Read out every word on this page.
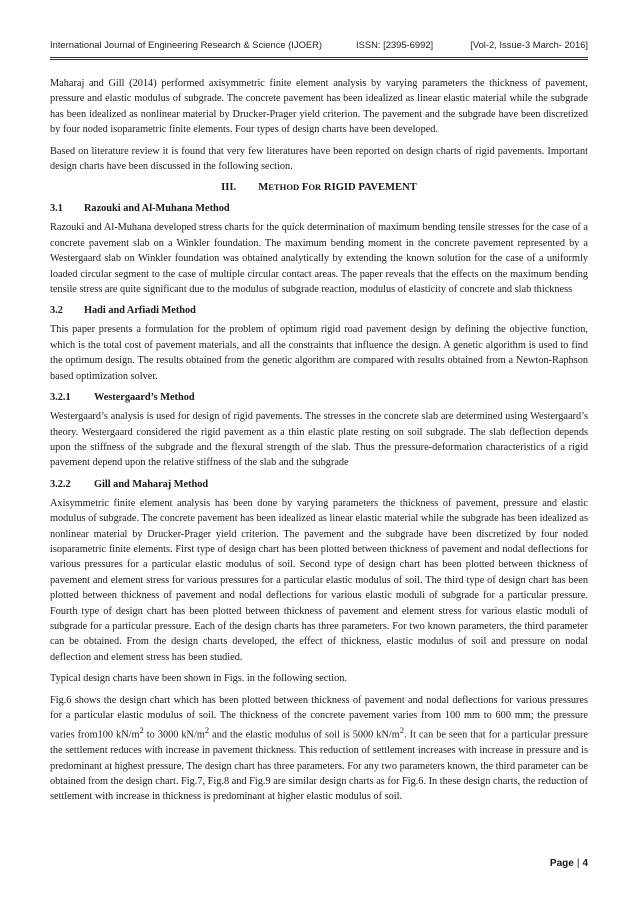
International Journal of Engineering Research & Science (IJOER)	ISSN: [2395-6992]	[Vol-2, Issue-3 March- 2016]

Maharaj and Gill (2014) performed axisymmetric finite element analysis by varying parameters the thickness of pavement, pressure and elastic modulus of subgrade. The concrete pavement has been idealized as linear elastic material while the subgrade has been idealized as nonlinear material by Drucker-Prager yield criterion. The pavement and the subgrade have been discretized by four noded isoparametric finite elements. Four types of design charts have been developed.

Based on literature review it is found that very few literatures have been reported on design charts of rigid pavements. Important design charts have been discussed in the following section.

III. METHOD FOR RIGID PAVEMENT
3.1 Razouki and Al-Muhana Method

Razouki and Al-Muhana developed stress charts for the quick determination of maximum bending tensile stresses for the case of a concrete pavement slab on a Winkler foundation. The maximum bending moment in the concrete pavement represented by a Westergaard slab on Winkler foundation was obtained analytically by extending the known solution for the case of a uniformly loaded circular segment to the case of multiple circular contact areas. The paper reveals that the effects on the maximum bending tensile stress are quite significant due to the modulus of subgrade reaction, modulus of elasticity of concrete and slab thickness

3.2 Hadi and Arfiadi Method

This paper presents a formulation for the problem of optimum rigid road pavement design by defining the objective function, which is the total cost of pavement materials, and all the constraints that influence the design. A genetic algorithm is used to find the optimum design. The results obtained from the genetic algorithm are compared with results obtained from a Newton-Raphson based optimization solver.

3.2.1 Westergaard’s Method

Westergaard’s analysis is used for design of rigid pavements. The stresses in the concrete slab are determined using Westergaard’s theory. Westergaard considered the rigid pavement as a thin elastic plate resting on soil subgrade. The slab deflection depends upon the stiffness of the subgrade and the flexural strength of the slab. Thus the pressure-deformation characteristics of a rigid pavement depend upon the relative stiffness of the slab and the subgrade

3.2.2 Gill and Maharaj Method

Axisymmetric finite element analysis has been done by varying parameters the thickness of pavement, pressure and elastic modulus of subgrade. The concrete pavement has been idealized as linear elastic material while the subgrade has been idealized as nonlinear material by Drucker-Prager yield criterion. The pavement and the subgrade have been discretized by four noded isoparametric finite elements. First type of design chart has been plotted between thickness of pavement and nodal deflections for various pressures for a particular elastic modulus of soil. Second type of design chart has been plotted between thickness of pavement and element stress for various pressures for a particular elastic modulus of soil. The third type of design chart has been plotted between thickness of pavement and nodal deflections for various elastic moduli of subgrade for a particular pressure. Fourth type of design chart has been plotted between thickness of pavement and element stress for various elastic moduli of subgrade for a particular pressure. Each of the design charts has three parameters. For two known parameters, the third parameter can be obtained. From the design charts developed, the effect of thickness, elastic modulus of soil and pressure on nodal deflection and element stress has been studied.

Typical design charts have been shown in Figs. in the following section.

Fig.6 shows the design chart which has been plotted between thickness of pavement and nodal deflections for various pressures for a particular elastic modulus of soil. The thickness of the concrete pavement varies from 100 mm to 600 mm; the pressure varies from100 $kN/m^2$ to 3000 $kN/m^2$ and the elastic modulus of soil is 5000 $kN/m^2$. It can be seen that for a particular pressure the settlement reduces with increase in pavement thickness. This reduction of settlement increases with increase in pressure and is predominant at highest pressure. The design chart has three parameters. For any two parameters known, the third parameter can be obtained from the design chart. Fig.7, Fig.8 and Fig.9 are similar design charts as for Fig.6. In these design charts, the reduction of settlement with increase in thickness is predominant at higher elastic modulus of soil.

Page | 4
